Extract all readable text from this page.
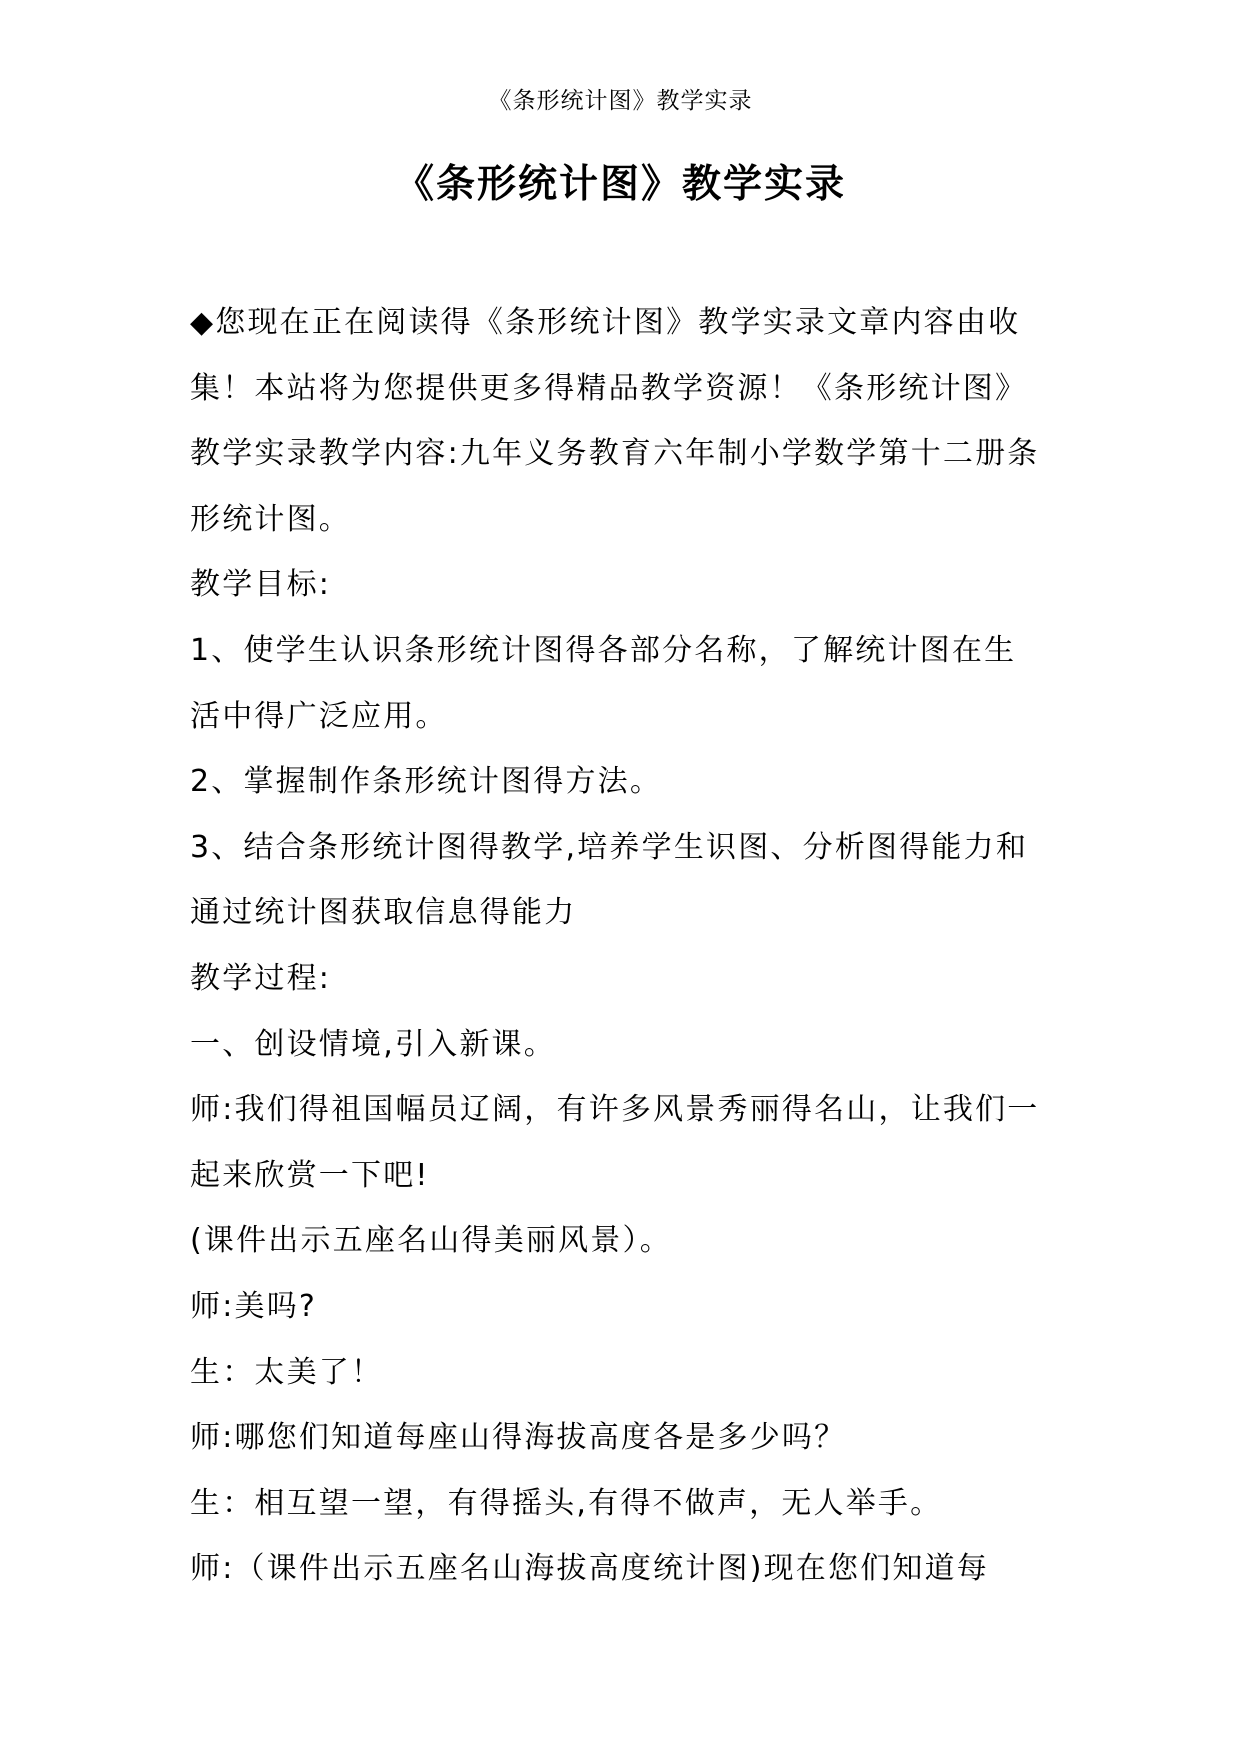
《条形统计图》教学实录
《条形统计图》教学实录

◆您现在正在阅读得《条形统计图》教学实录文章内容由收集！本站将为您提供更多得精品教学资源！《条形统计图》教学实录教学内容:九年义务教育六年制小学数学第十二册条形统计图。

教学目标:

1、使学生认识条形统计图得各部分名称，了解统计图在生活中得广泛应用。

2、掌握制作条形统计图得方法。

3、结合条形统计图得教学,培养学生识图、分析图得能力和通过统计图获取信息得能力

教学过程:

一、创设情境,引入新课。

师:我们得祖国幅员辽阔，有许多风景秀丽得名山，让我们一起来欣赏一下吧!

(课件出示五座名山得美丽风景）。

师:美吗?

生：太美了！

师:哪您们知道每座山得海拔高度各是多少吗？

生：相互望一望，有得摇头,有得不做声，无人举手。

师:（课件出示五座名山海拔高度统计图)现在您们知道每
